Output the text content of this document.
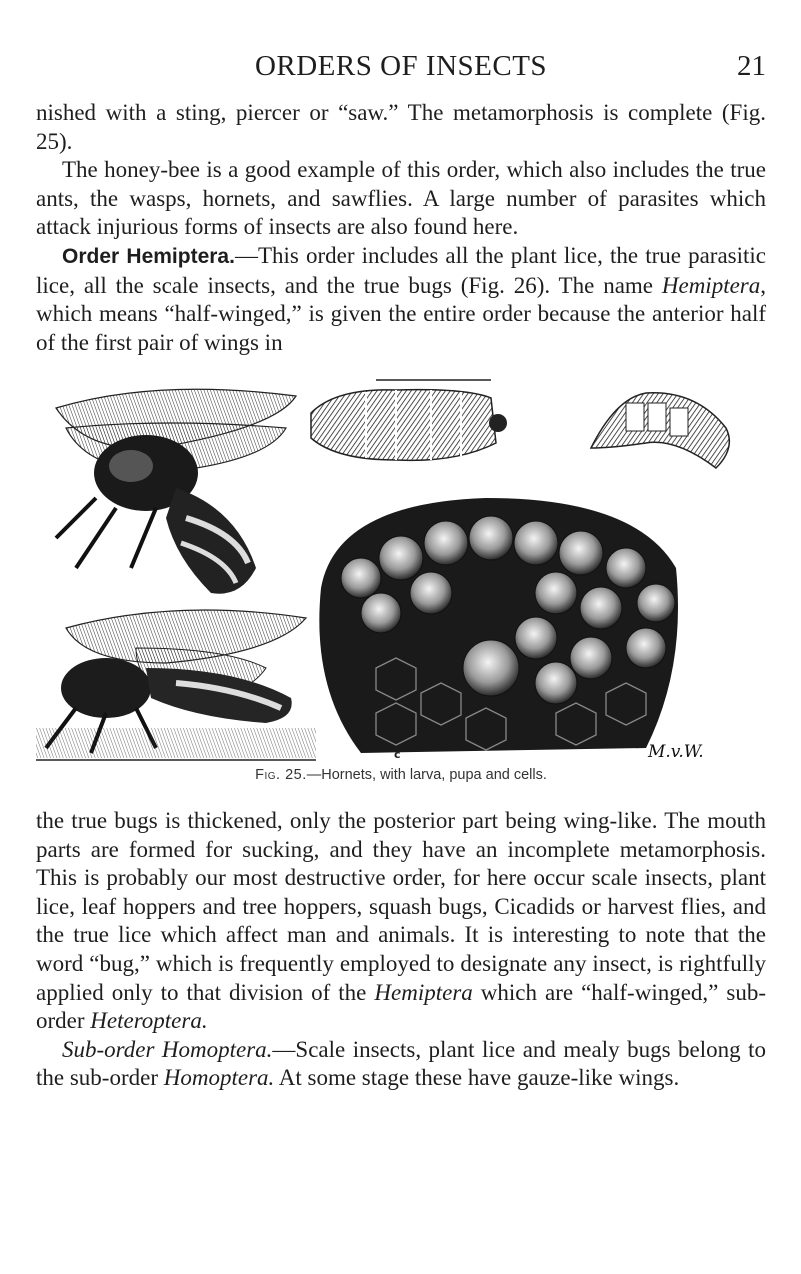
ORDERS OF INSECTS	21

nished with a sting, piercer or “saw.” The metamorphosis is complete (Fig. 25).

The honey-bee is a good example of this order, which also includes the true ants, the wasps, hornets, and sawflies. A large number of parasites which attack injurious forms of insects are also found here.

Order Hemiptera.—This order includes all the plant lice, the true parasitic lice, all the scale insects, and the true bugs (Fig. 26). The name Hemiptera, which means “half-winged,” is given the entire order because the anterior half of the first pair of wings in

c	M.v.W.
Fig. 25.—Hornets, with larva, pupa and cells.

the true bugs is thickened, only the posterior part being wing-like. The mouth parts are formed for sucking, and they have an incomplete metamorphosis. This is probably our most destructive order, for here occur scale insects, plant lice, leaf hoppers and tree hoppers, squash bugs, Cicadids or harvest flies, and the true lice which affect man and animals. It is interesting to note that the word “bug,” which is frequently employed to designate any insect, is rightfully applied only to that division of the Hemiptera which are “half-winged,” sub-order Heteroptera.

Sub-order Homoptera.—Scale insects, plant lice and mealy bugs belong to the sub-order Homoptera. At some stage these have gauze-like wings.
